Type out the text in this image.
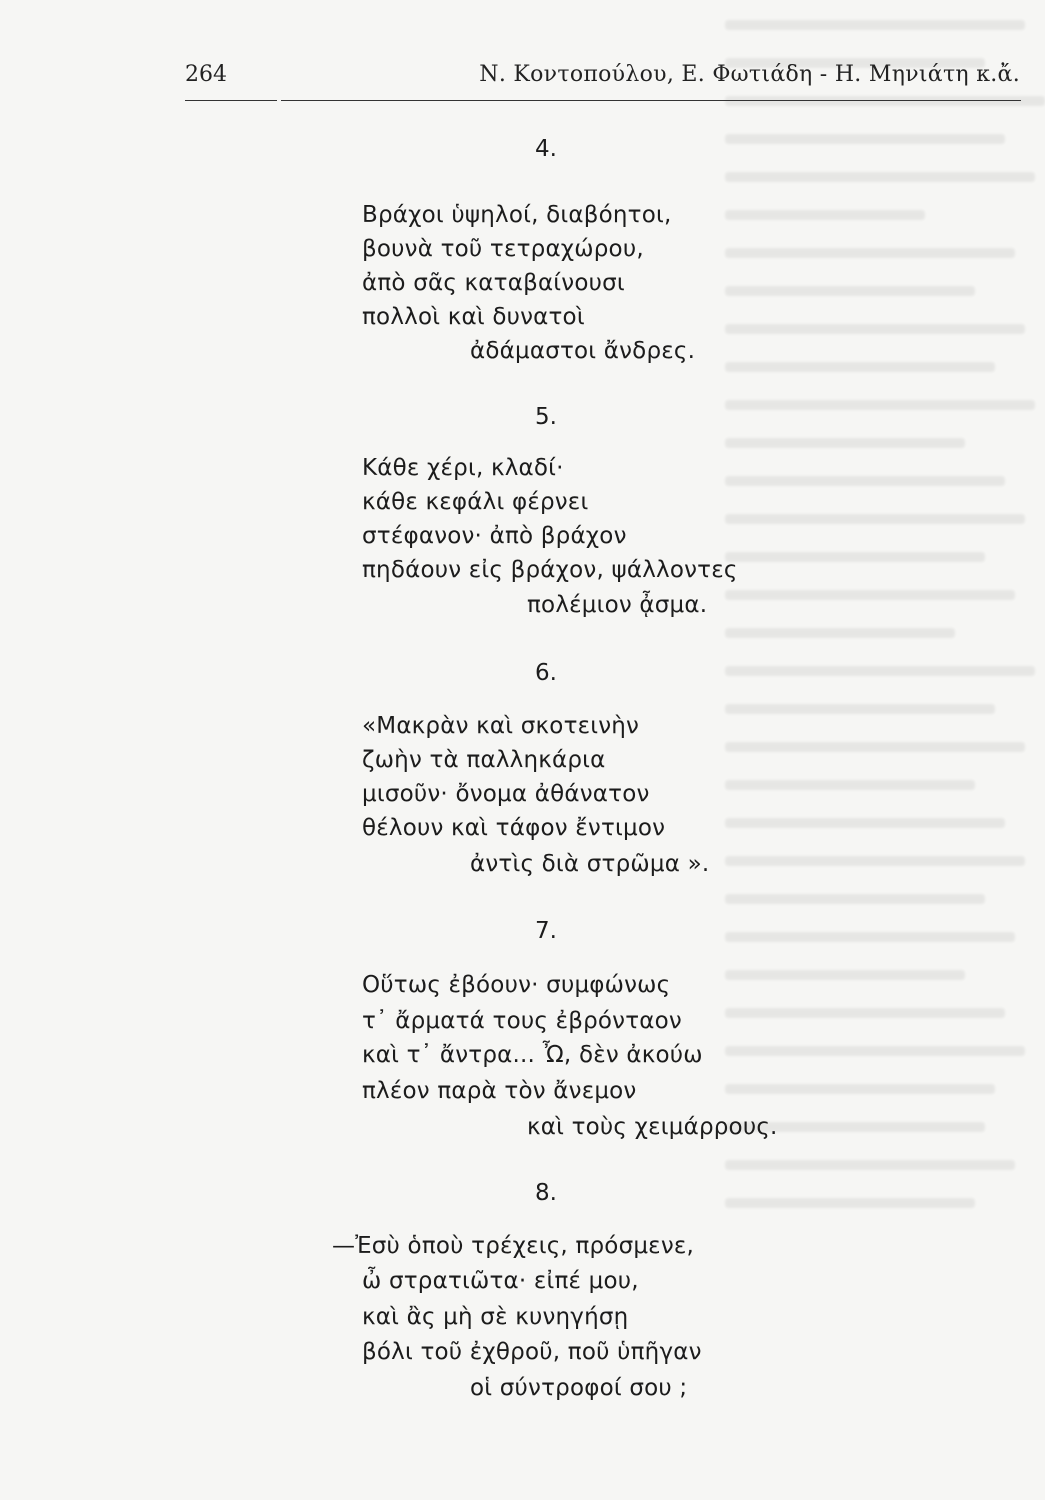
264	Ν. Κοντοπούλου, Ε. Φωτιάδη - Η. Μηνιάτη κ.ἄ.
4.
Βράχοι ὑψηλοί, διαβόητοι,
βουνὰ τοῦ τετραχώρου,
ἀπὸ σᾶς καταβαίνουσι
πολλοὶ καὶ δυνατοὶ
ἀδάμαστοι ἄνδρες.
5.
Κάθε χέρι, κλαδί·
κάθε κεφάλι φέρνει
στέφανον· ἀπὸ βράχον
πηδάουν εἰς βράχον, ψάλλοντες
πολέμιον ᾆσμα.
6.
«Μακρὰν καὶ σκοτεινὴν
ζωὴν τὰ παλληκάρια
μισοῦν· ὄνομα ἀθάνατον
θέλουν καὶ τάφον ἔντιμον
ἀντὶς διὰ στρῶμα ».
7.
Οὕτως ἐβόουν· συμφώνως
τ᾽ ἄρματά τους ἐβρόνταον
καὶ τ᾽ ἄντρα... Ὦ, δὲν ἀκούω
πλέον παρὰ τὸν ἄνεμον
καὶ τοὺς χειμάρρους.
8.
—Ἐσὺ ὁποὺ τρέχεις, πρόσμενε,
ὦ στρατιῶτα· εἰπέ μου,
καὶ ἂς μὴ σὲ κυνηγήσῃ
βόλι τοῦ ἐχθροῦ, ποῦ ὑπῆγαν
οἱ σύντροφοί σου ;
